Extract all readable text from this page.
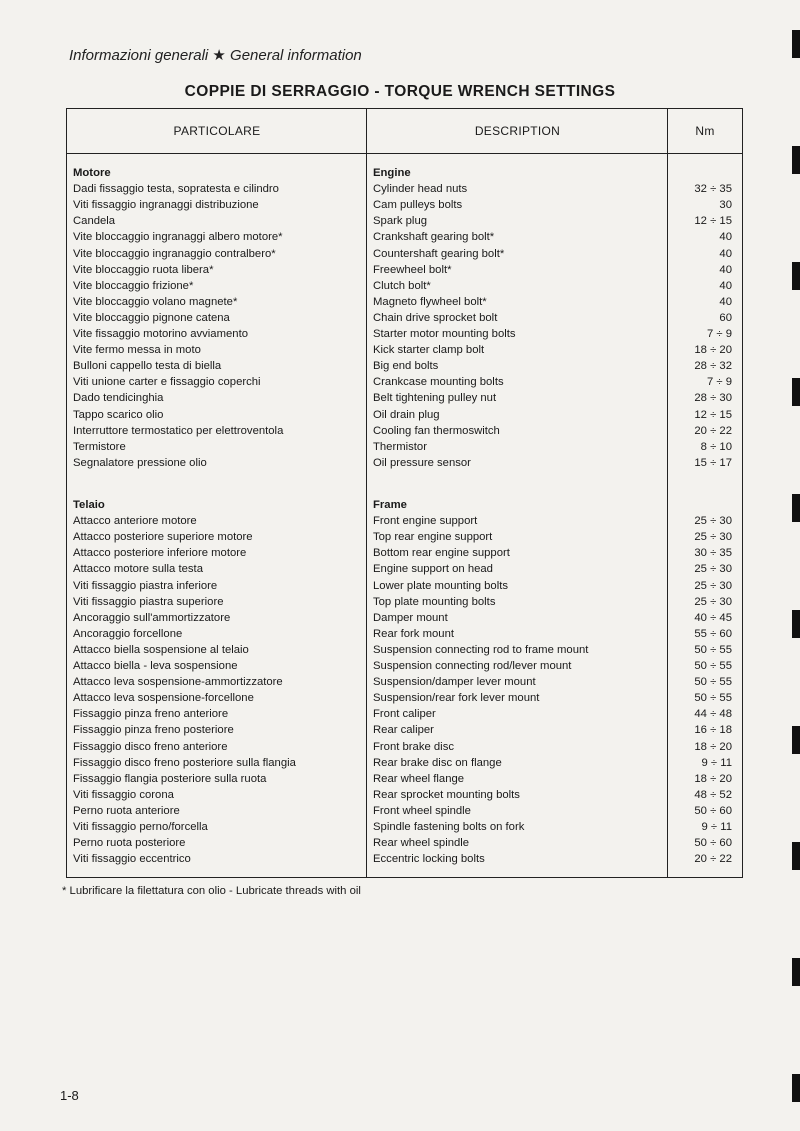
Informazioni generali ★ General information
COPPIE DI SERRAGGIO - TORQUE WRENCH SETTINGS
PARTICOLARE	DESCRIPTION	Nm
Motore	Engine
Dadi fissaggio testa, sopratesta e cilindro	Cylinder head nuts	32 ÷ 35
Viti fissaggio ingranaggi distribuzione	Cam pulleys bolts	30
Candela	Spark plug	12 ÷ 15
Vite bloccaggio ingranaggi albero motore*	Crankshaft gearing bolt*	40
Vite bloccaggio ingranaggio contralbero*	Countershaft gearing bolt*	40
Vite bloccaggio ruota libera*	Freewheel bolt*	40
Vite bloccaggio frizione*	Clutch bolt*	40
Vite bloccaggio volano magnete*	Magneto flywheel bolt*	40
Vite bloccaggio pignone catena	Chain drive sprocket bolt	60
Vite fissaggio motorino avviamento	Starter motor mounting bolts	7 ÷ 9
Vite fermo messa in moto	Kick starter clamp bolt	18 ÷ 20
Bulloni cappello testa di biella	Big end bolts	28 ÷ 32
Viti unione carter e fissaggio coperchi	Crankcase mounting bolts	7 ÷ 9
Dado tendicinghia	Belt tightening pulley nut	28 ÷ 30
Tappo scarico olio	Oil drain plug	12 ÷ 15
Interruttore termostatico per elettroventola	Cooling fan thermoswitch	20 ÷ 22
Termistore	Thermistor	8 ÷ 10
Segnalatore pressione olio	Oil pressure sensor	15 ÷ 17
Telaio	Frame
Attacco anteriore motore	Front engine support	25 ÷ 30
Attacco posteriore superiore motore	Top rear engine support	25 ÷ 30
Attacco posteriore inferiore motore	Bottom rear engine support	30 ÷ 35
Attacco motore sulla testa	Engine support on head	25 ÷ 30
Viti fissaggio piastra inferiore	Lower plate mounting bolts	25 ÷ 30
Viti fissaggio piastra superiore	Top plate mounting bolts	25 ÷ 30
Ancoraggio sull'ammortizzatore	Damper mount	40 ÷ 45
Ancoraggio forcellone	Rear fork mount	55 ÷ 60
Attacco biella sospensione al telaio	Suspension connecting rod to frame mount	50 ÷ 55
Attacco biella - leva sospensione	Suspension connecting rod/lever mount	50 ÷ 55
Attacco leva sospensione-ammortizzatore	Suspension/damper lever mount	50 ÷ 55
Attacco leva sospensione-forcellone	Suspension/rear fork lever mount	50 ÷ 55
Fissaggio pinza freno anteriore	Front caliper	44 ÷ 48
Fissaggio pinza freno posteriore	Rear caliper	16 ÷ 18
Fissaggio disco freno anteriore	Front brake disc	18 ÷ 20
Fissaggio disco freno posteriore sulla flangia	Rear brake disc on flange	9 ÷ 11
Fissaggio flangia posteriore sulla ruota	Rear wheel flange	18 ÷ 20
Viti fissaggio corona	Rear sprocket mounting bolts	48 ÷ 52
Perno ruota anteriore	Front wheel spindle	50 ÷ 60
Viti fissaggio perno/forcella	Spindle fastening bolts on fork	9 ÷ 11
Perno ruota posteriore	Rear wheel spindle	50 ÷ 60
Viti fissaggio eccentrico	Eccentric locking bolts	20 ÷ 22
* Lubrificare la filettatura con olio - Lubricate threads with oil
1-8
